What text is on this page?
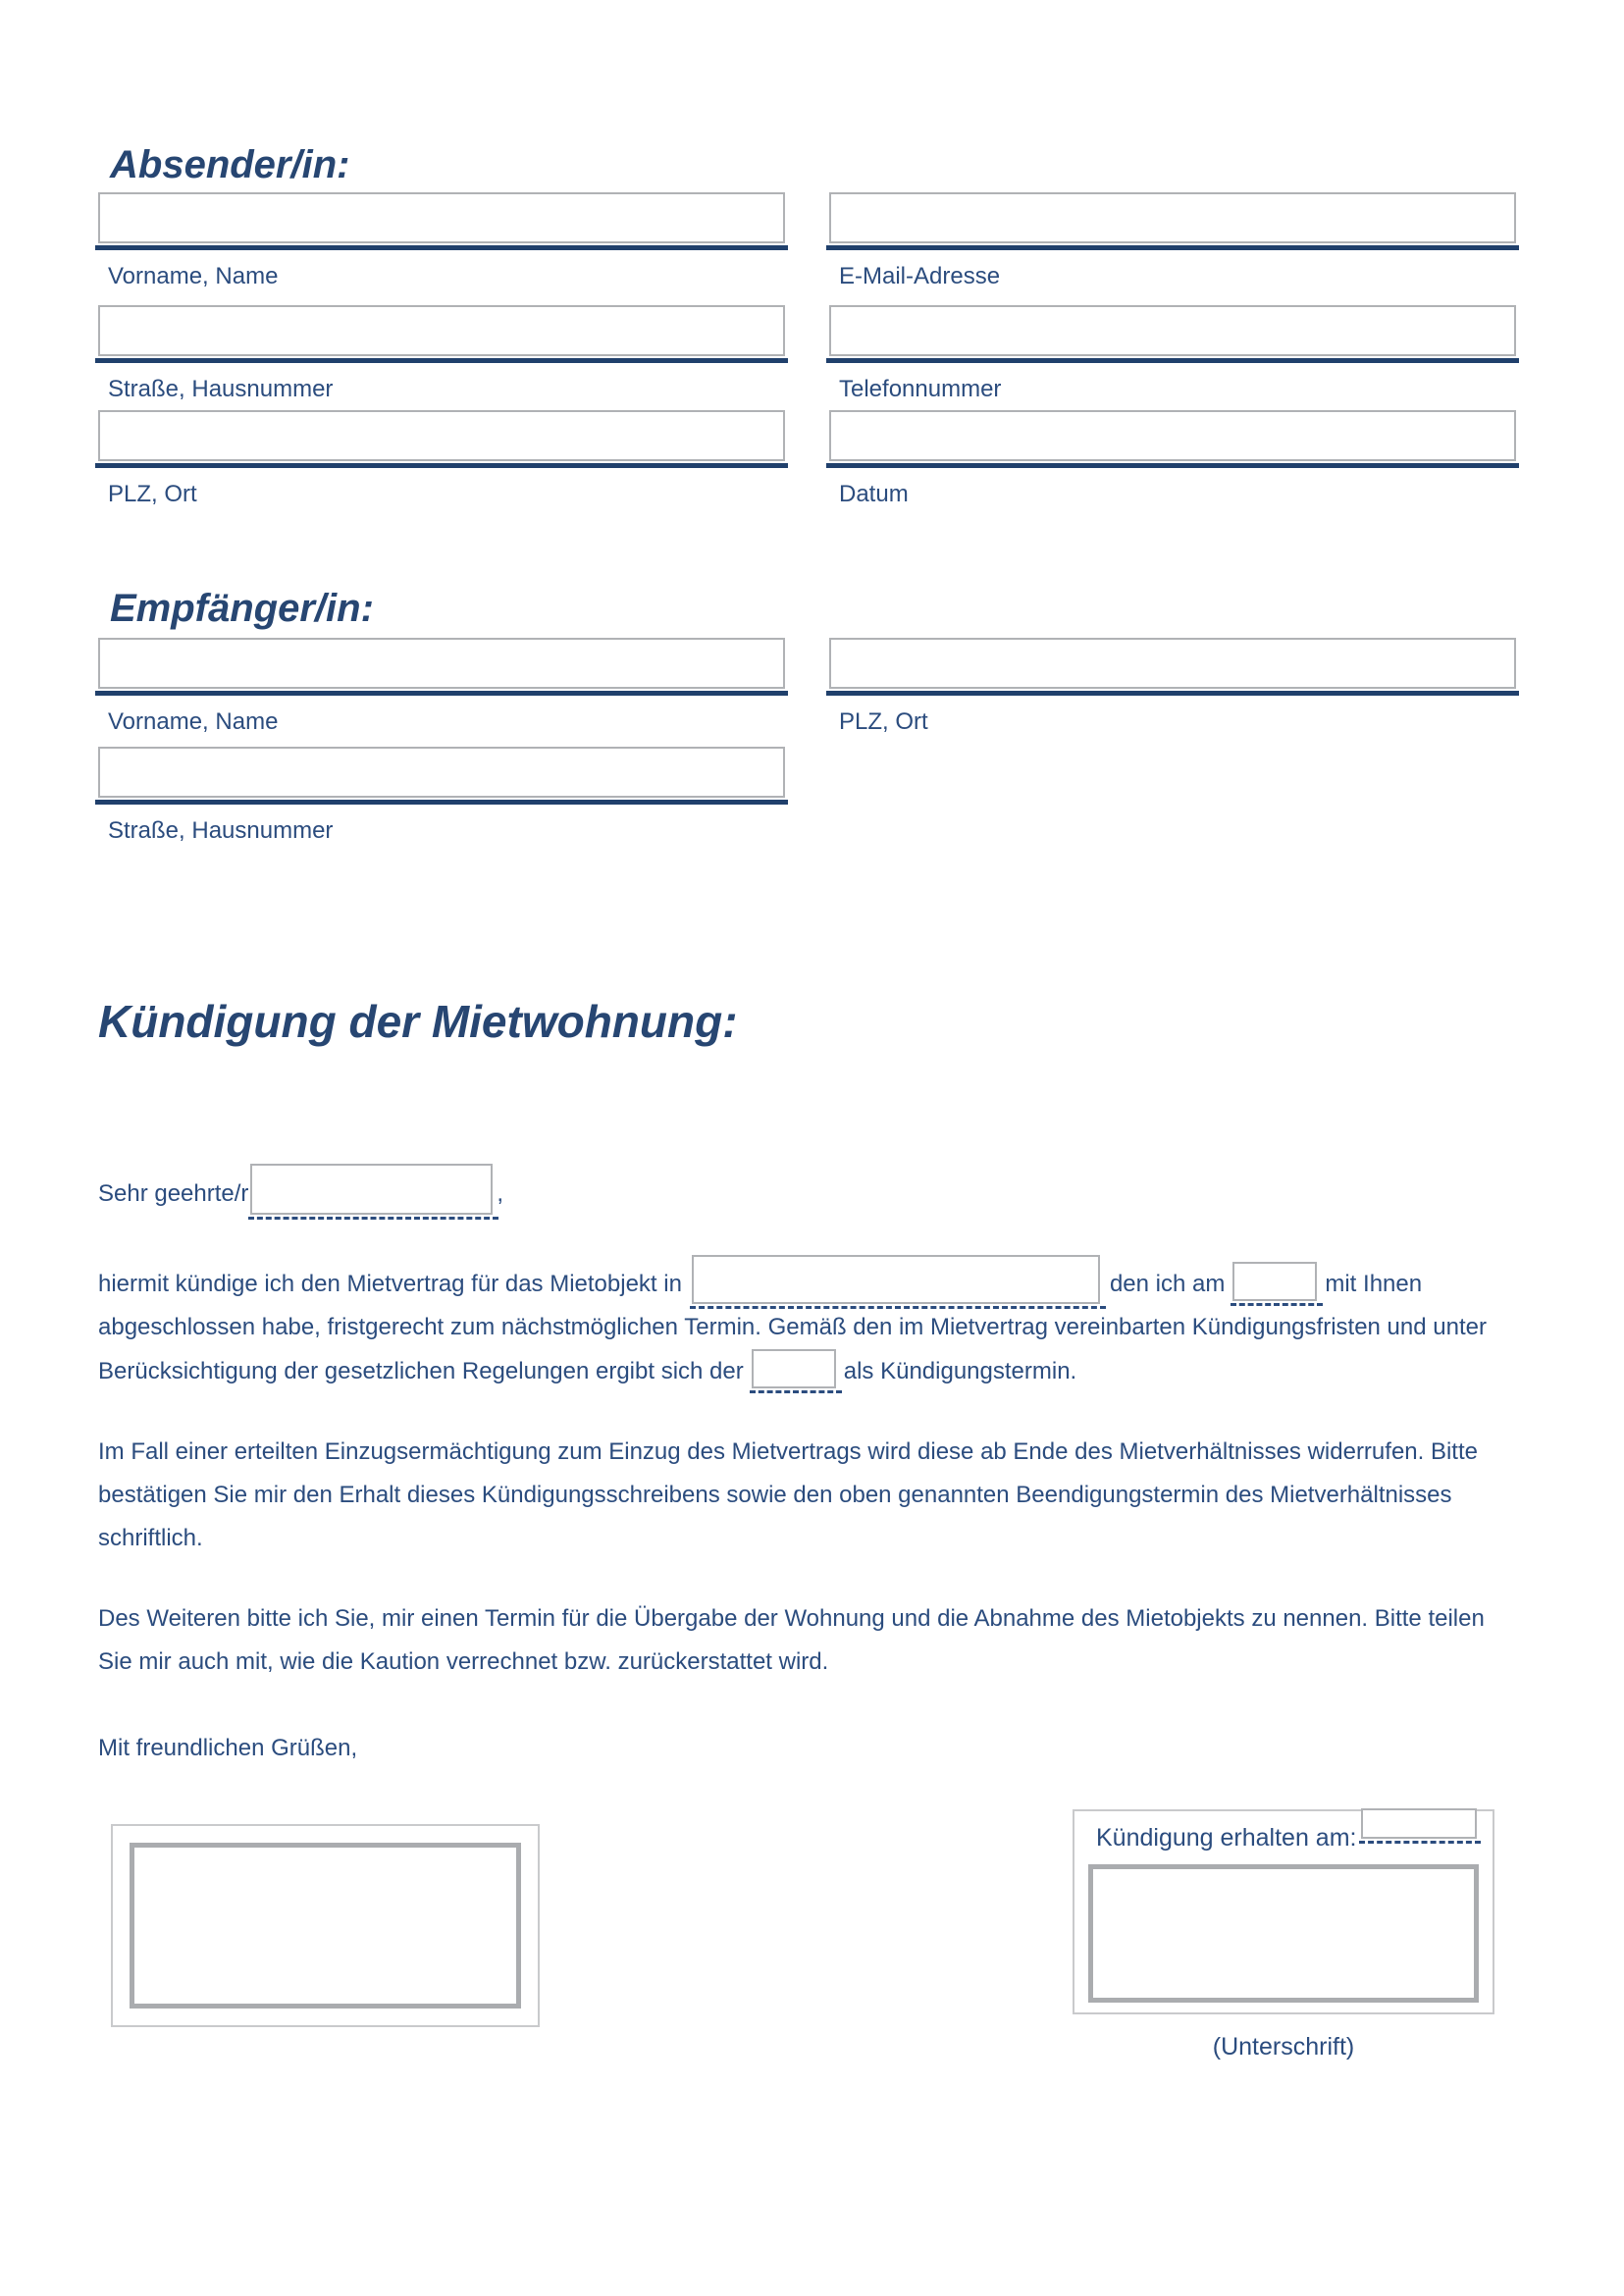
Absender/in:
Vorname, Name	E-Mail-Adresse
Straße, Hausnummer	Telefonnummer
PLZ, Ort	Datum
Empfänger/in:
Vorname, Name	PLZ, Ort
Straße, Hausnummer
Kündigung der Mietwohnung:

Sehr geehrte/r	,

hiermit kündige ich den Mietvertrag für das Mietobjekt in	den ich am	mit Ihnen abgeschlossen habe, fristgerecht zum nächstmöglichen Termin. Gemäß den im Mietvertrag vereinbarten Kündigungsfristen und unter Berücksichtigung der gesetzlichen Regelungen ergibt sich der	als Kündigungstermin.

Im Fall einer erteilten Einzugsermächtigung zum Einzug des Mietvertrags wird diese ab Ende des Mietverhältnisses widerrufen. Bitte bestätigen Sie mir den Erhalt dieses Kündigungsschreibens sowie den oben genannten Beendigungstermin des Mietverhältnisses schriftlich.

Des Weiteren bitte ich Sie, mir einen Termin für die Übergabe der Wohnung und die Abnahme des Mietobjekts zu nennen. Bitte teilen Sie mir auch mit, wie die Kaution verrechnet bzw. zurückerstattet wird.

Mit freundlichen Grüßen,

Kündigung erhalten am:
(Unterschrift)
